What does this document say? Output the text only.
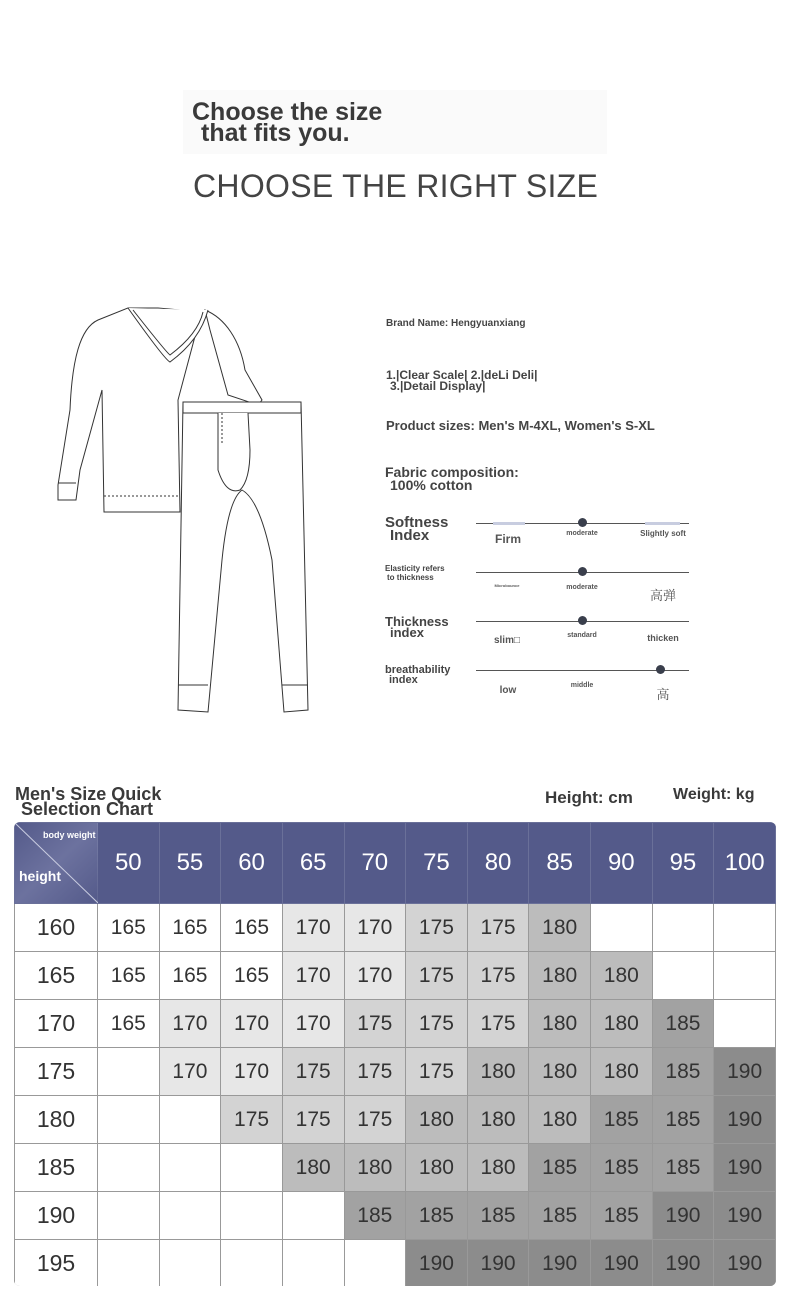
Choose the size
that fits you.
CHOOSE THE RIGHT SIZE
Brand Name: Hengyuanxiang
1.|Clear Scale| 2.|deLi Deli|
3.|Detail Display|
Product sizes: Men's M-4XL, Women's S-XL
Fabric composition:
100% cotton
Softness
Index	Firm	moderate	Slightly soft
Elasticity refers
to thickness
Microbounce	moderate
高弹
Thickness
index
slim□	standard	thicken
breathability
index
low	middle
高
Men's Size Quick
Selection Chart
Height: cm	Weight: kg
body weight
height	50	55	60	65	70	75	80	85	90	95	100
160	165	165	165	170	170	175	175	180			
165	165	165	165	170	170	175	175	180	180		
170	165	170	170	170	175	175	175	180	180	185	
175		170	170	175	175	175	180	180	180	185	190
180			175	175	175	180	180	180	185	185	190
185				180	180	180	180	185	185	185	190
190					185	185	185	185	185	190	190
195						190	190	190	190	190	190
